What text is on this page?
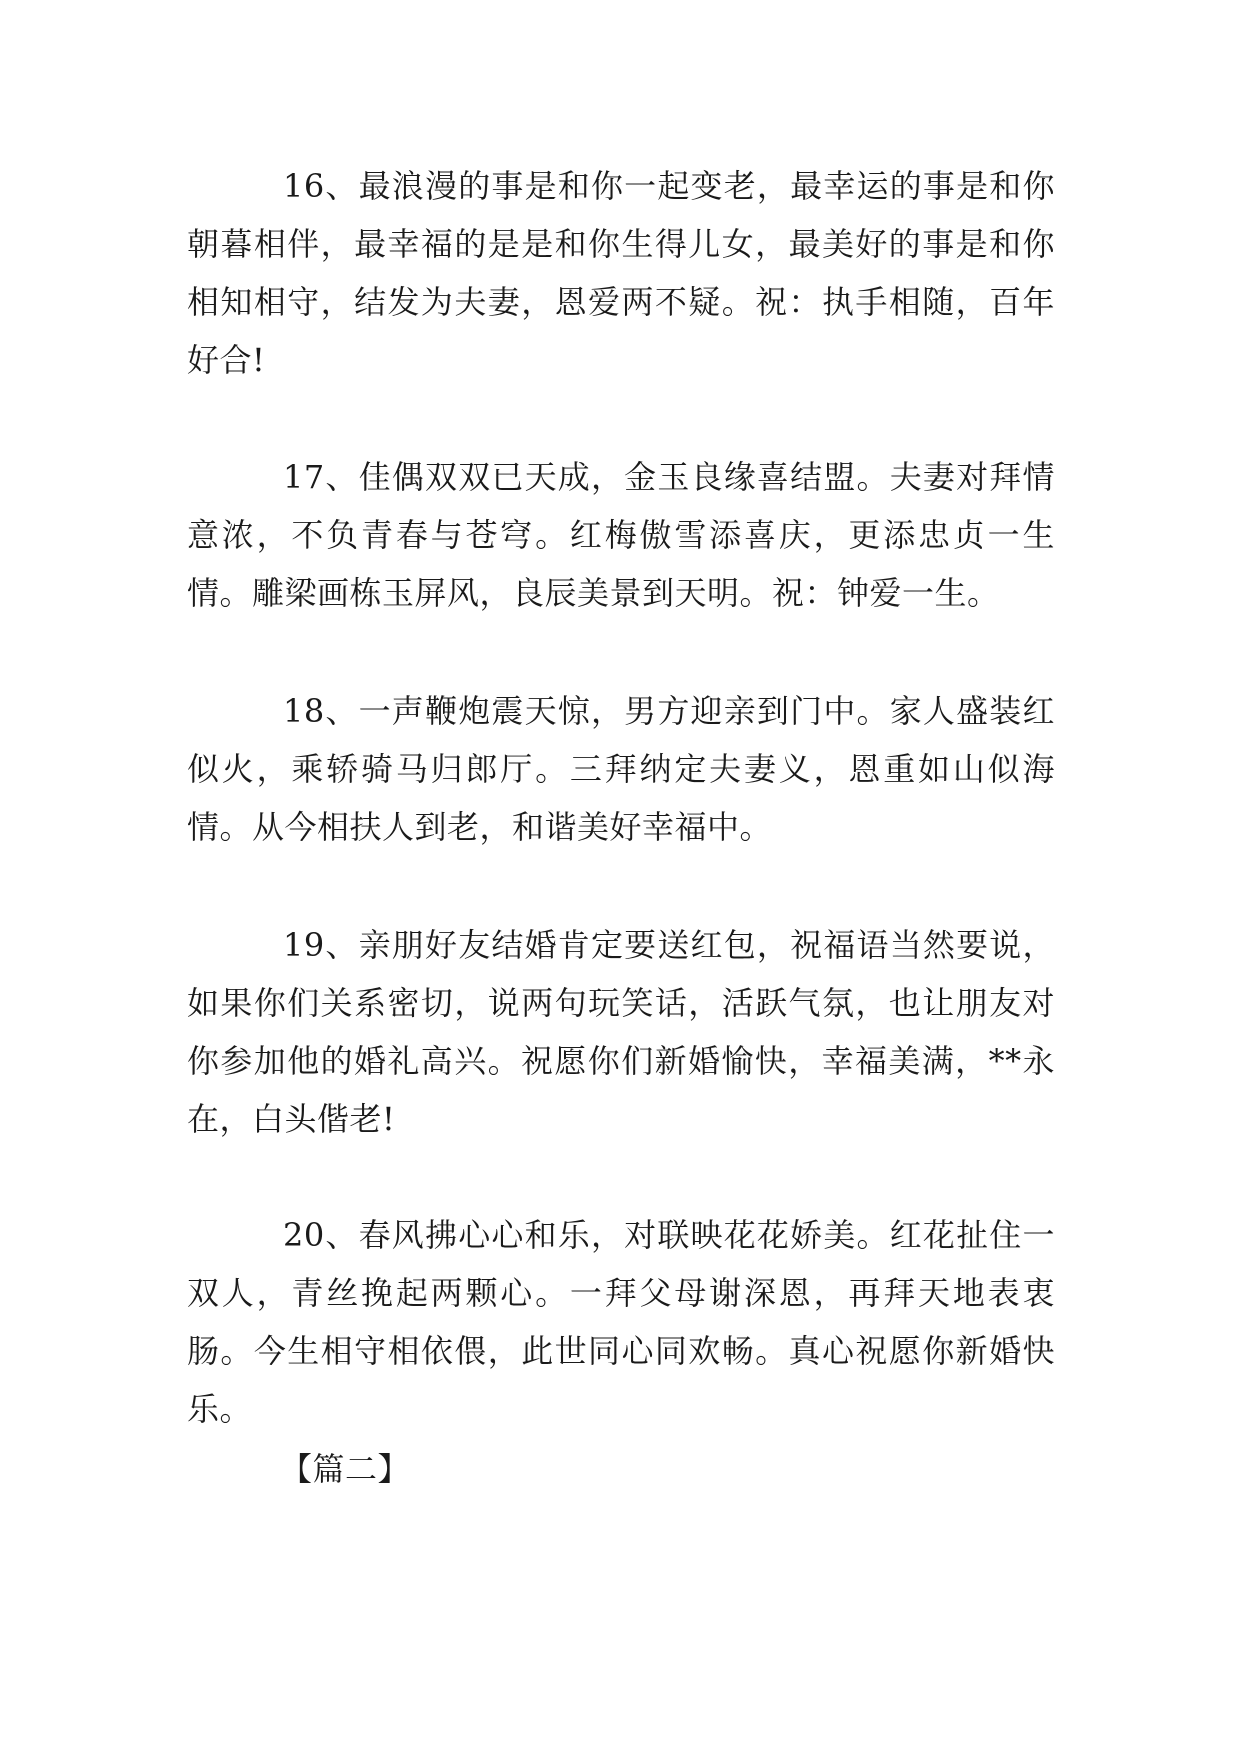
16、最浪漫的事是和你一起变老，最幸运的事是和你朝暮相伴，最幸福的是是和你生得儿女，最美好的事是和你相知相守，结发为夫妻，恩爱两不疑。祝：执手相随，百年好合!

17、佳偶双双已天成，金玉良缘喜结盟。夫妻对拜情意浓，不负青春与苍穹。红梅傲雪添喜庆，更添忠贞一生情。雕梁画栋玉屏风，良辰美景到天明。祝：钟爱一生。

18、一声鞭炮震天惊，男方迎亲到门中。家人盛装红似火，乘轿骑马归郎厅。三拜纳定夫妻义，恩重如山似海情。从今相扶人到老，和谐美好幸福中。

19、亲朋好友结婚肯定要送红包，祝福语当然要说，如果你们关系密切，说两句玩笑话，活跃气氛，也让朋友对你参加他的婚礼高兴。祝愿你们新婚愉快，幸福美满，**永在，白头偕老!

20、春风拂心心和乐，对联映花花娇美。红花扯住一双人，青丝挽起两颗心。一拜父母谢深恩，再拜天地表衷肠。今生相守相依偎，此世同心同欢畅。真心祝愿你新婚快乐。

【篇二】
